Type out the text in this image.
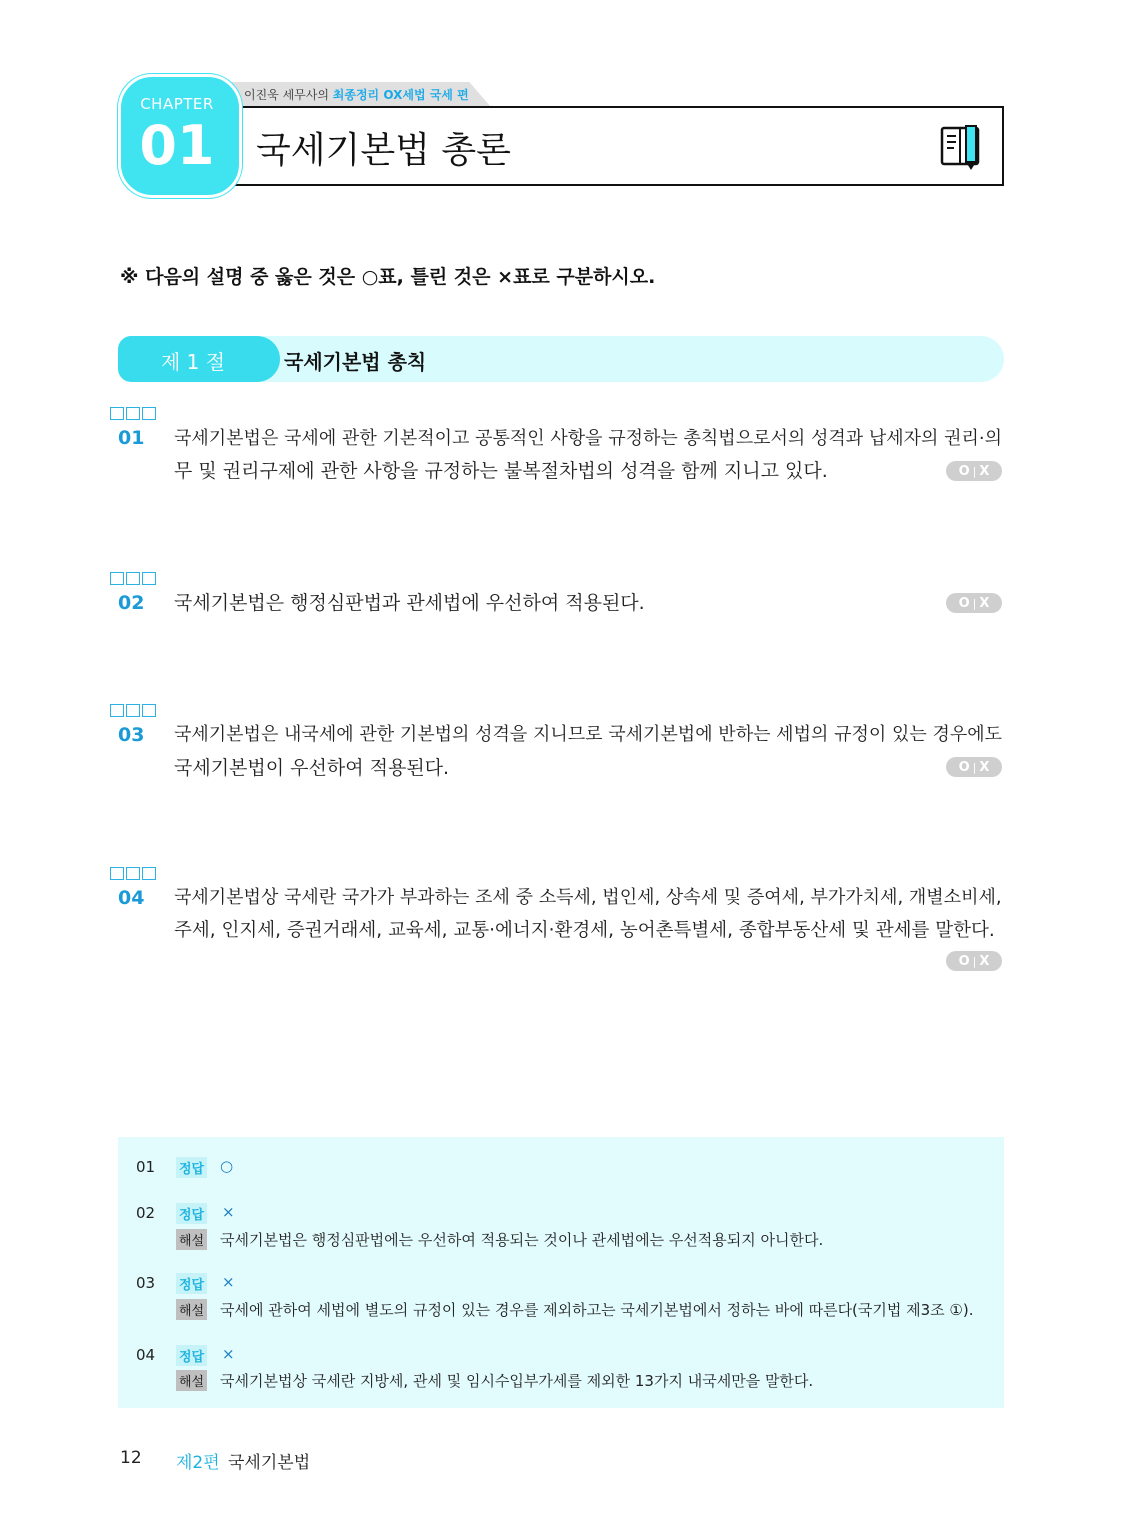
이진욱 세무사의 최종정리 OX세법 국세 편
CHAPTER
01	국세기본법 총론
※ 다음의 설명 중 옳은 것은 ○표, 틀린 것은 ×표로 구분하시오.
제 1 절	국세기본법 총칙
01 국세기본법은 국세에 관한 기본적이고 공통적인 사항을 규정하는 총칙법으로서의 성격과 납세자의 권리·의
무 및 권리구제에 관한 사항을 규정하는 불복절차법의 성격을 함께 지니고 있다.	O | X
02 국세기본법은 행정심판법과 관세법에 우선하여 적용된다.	O | X
03 국세기본법은 내국세에 관한 기본법의 성격을 지니므로 국세기본법에 반하는 세법의 규정이 있는 경우에도
국세기본법이 우선하여 적용된다.	O | X
04 국세기본법상 국세란 국가가 부과하는 조세 중 소득세, 법인세, 상속세 및 증여세, 부가가치세, 개별소비세,
주세, 인지세, 증권거래세, 교육세, 교통·에너지·환경세, 농어촌특별세, 종합부동산세 및 관세를 말한다.
O | X
01 정답 ○
02 정답 ×
해설 국세기본법은 행정심판법에는 우선하여 적용되는 것이나 관세법에는 우선적용되지 아니한다.
03 정답 ×
해설 국세에 관하여 세법에 별도의 규정이 있는 경우를 제외하고는 국세기본법에서 정하는 바에 따른다(국기법 제3조 ①).
04 정답 ×
해설 국세기본법상 국세란 지방세, 관세 및 임시수입부가세를 제외한 13가지 내국세만을 말한다.
12 제2편 국세기본법
